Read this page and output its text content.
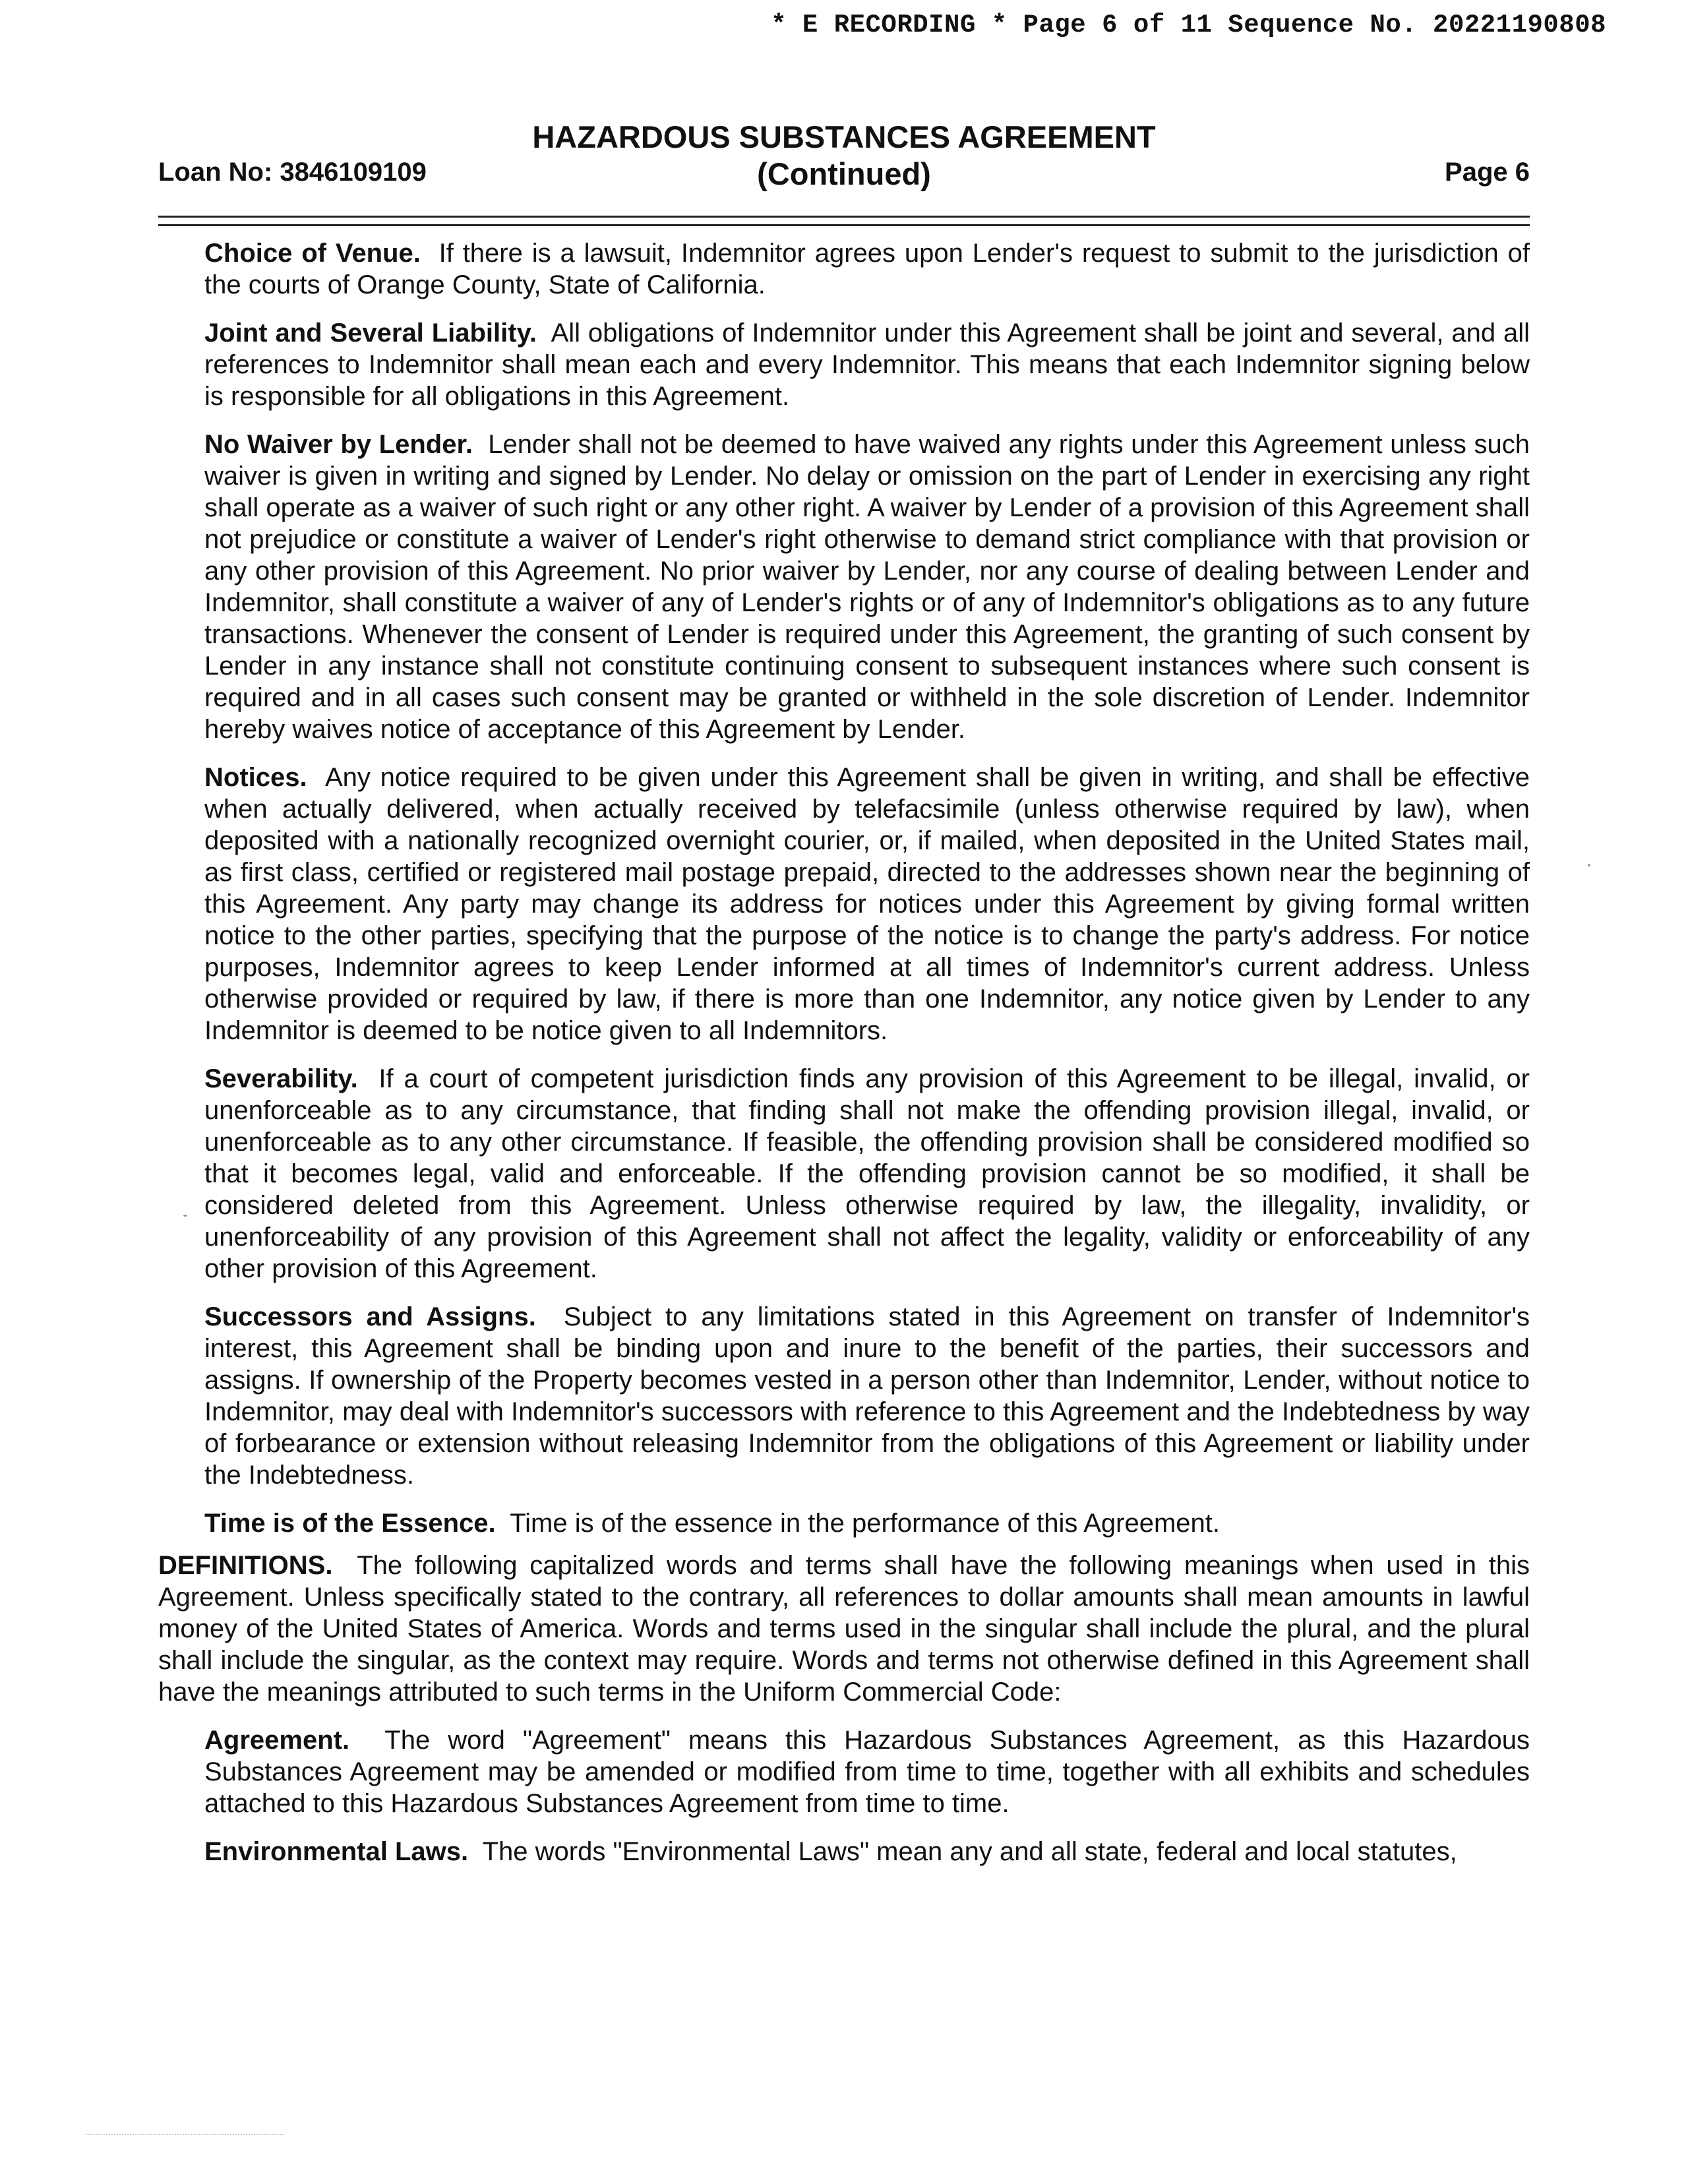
* E RECORDING * Page 6 of 11 Sequence No. 20221190808
Loan No: 3846109109
HAZARDOUS SUBSTANCES AGREEMENT
(Continued)	Page 6

Choice of Venue. If there is a lawsuit, Indemnitor agrees upon Lender's request to submit to the jurisdiction of the courts of Orange County, State of California.

Joint and Several Liability. All obligations of Indemnitor under this Agreement shall be joint and several, and all references to Indemnitor shall mean each and every Indemnitor. This means that each Indemnitor signing below is responsible for all obligations in this Agreement.

No Waiver by Lender. Lender shall not be deemed to have waived any rights under this Agreement unless such waiver is given in writing and signed by Lender. No delay or omission on the part of Lender in exercising any right shall operate as a waiver of such right or any other right. A waiver by Lender of a provision of this Agreement shall not prejudice or constitute a waiver of Lender's right otherwise to demand strict compliance with that provision or any other provision of this Agreement. No prior waiver by Lender, nor any course of dealing between Lender and Indemnitor, shall constitute a waiver of any of Lender's rights or of any of Indemnitor's obligations as to any future transactions. Whenever the consent of Lender is required under this Agreement, the granting of such consent by Lender in any instance shall not constitute continuing consent to subsequent instances where such consent is required and in all cases such consent may be granted or withheld in the sole discretion of Lender. Indemnitor hereby waives notice of acceptance of this Agreement by Lender.

Notices. Any notice required to be given under this Agreement shall be given in writing, and shall be effective when actually delivered, when actually received by telefacsimile (unless otherwise required by law), when deposited with a nationally recognized overnight courier, or, if mailed, when deposited in the United States mail, as first class, certified or registered mail postage prepaid, directed to the addresses shown near the beginning of this Agreement. Any party may change its address for notices under this Agreement by giving formal written notice to the other parties, specifying that the purpose of the notice is to change the party's address. For notice purposes, Indemnitor agrees to keep Lender informed at all times of Indemnitor's current address. Unless otherwise provided or required by law, if there is more than one Indemnitor, any notice given by Lender to any Indemnitor is deemed to be notice given to all Indemnitors.

Severability. If a court of competent jurisdiction finds any provision of this Agreement to be illegal, invalid, or unenforceable as to any circumstance, that finding shall not make the offending provision illegal, invalid, or unenforceable as to any other circumstance. If feasible, the offending provision shall be considered modified so that it becomes legal, valid and enforceable. If the offending provision cannot be so modified, it shall be considered deleted from this Agreement. Unless otherwise required by law, the illegality, invalidity, or unenforceability of any provision of this Agreement shall not affect the legality, validity or enforceability of any other provision of this Agreement.

Successors and Assigns. Subject to any limitations stated in this Agreement on transfer of Indemnitor's interest, this Agreement shall be binding upon and inure to the benefit of the parties, their successors and assigns. If ownership of the Property becomes vested in a person other than Indemnitor, Lender, without notice to Indemnitor, may deal with Indemnitor's successors with reference to this Agreement and the Indebtedness by way of forbearance or extension without releasing Indemnitor from the obligations of this Agreement or liability under the Indebtedness.

Time is of the Essence. Time is of the essence in the performance of this Agreement.

DEFINITIONS. The following capitalized words and terms shall have the following meanings when used in this Agreement. Unless specifically stated to the contrary, all references to dollar amounts shall mean amounts in lawful money of the United States of America. Words and terms used in the singular shall include the plural, and the plural shall include the singular, as the context may require. Words and terms not otherwise defined in this Agreement shall have the meanings attributed to such terms in the Uniform Commercial Code:

Agreement. The word "Agreement" means this Hazardous Substances Agreement, as this Hazardous Substances Agreement may be amended or modified from time to time, together with all exhibits and schedules attached to this Hazardous Substances Agreement from time to time.

Environmental Laws. The words "Environmental Laws" mean any and all state, federal and local statutes,
